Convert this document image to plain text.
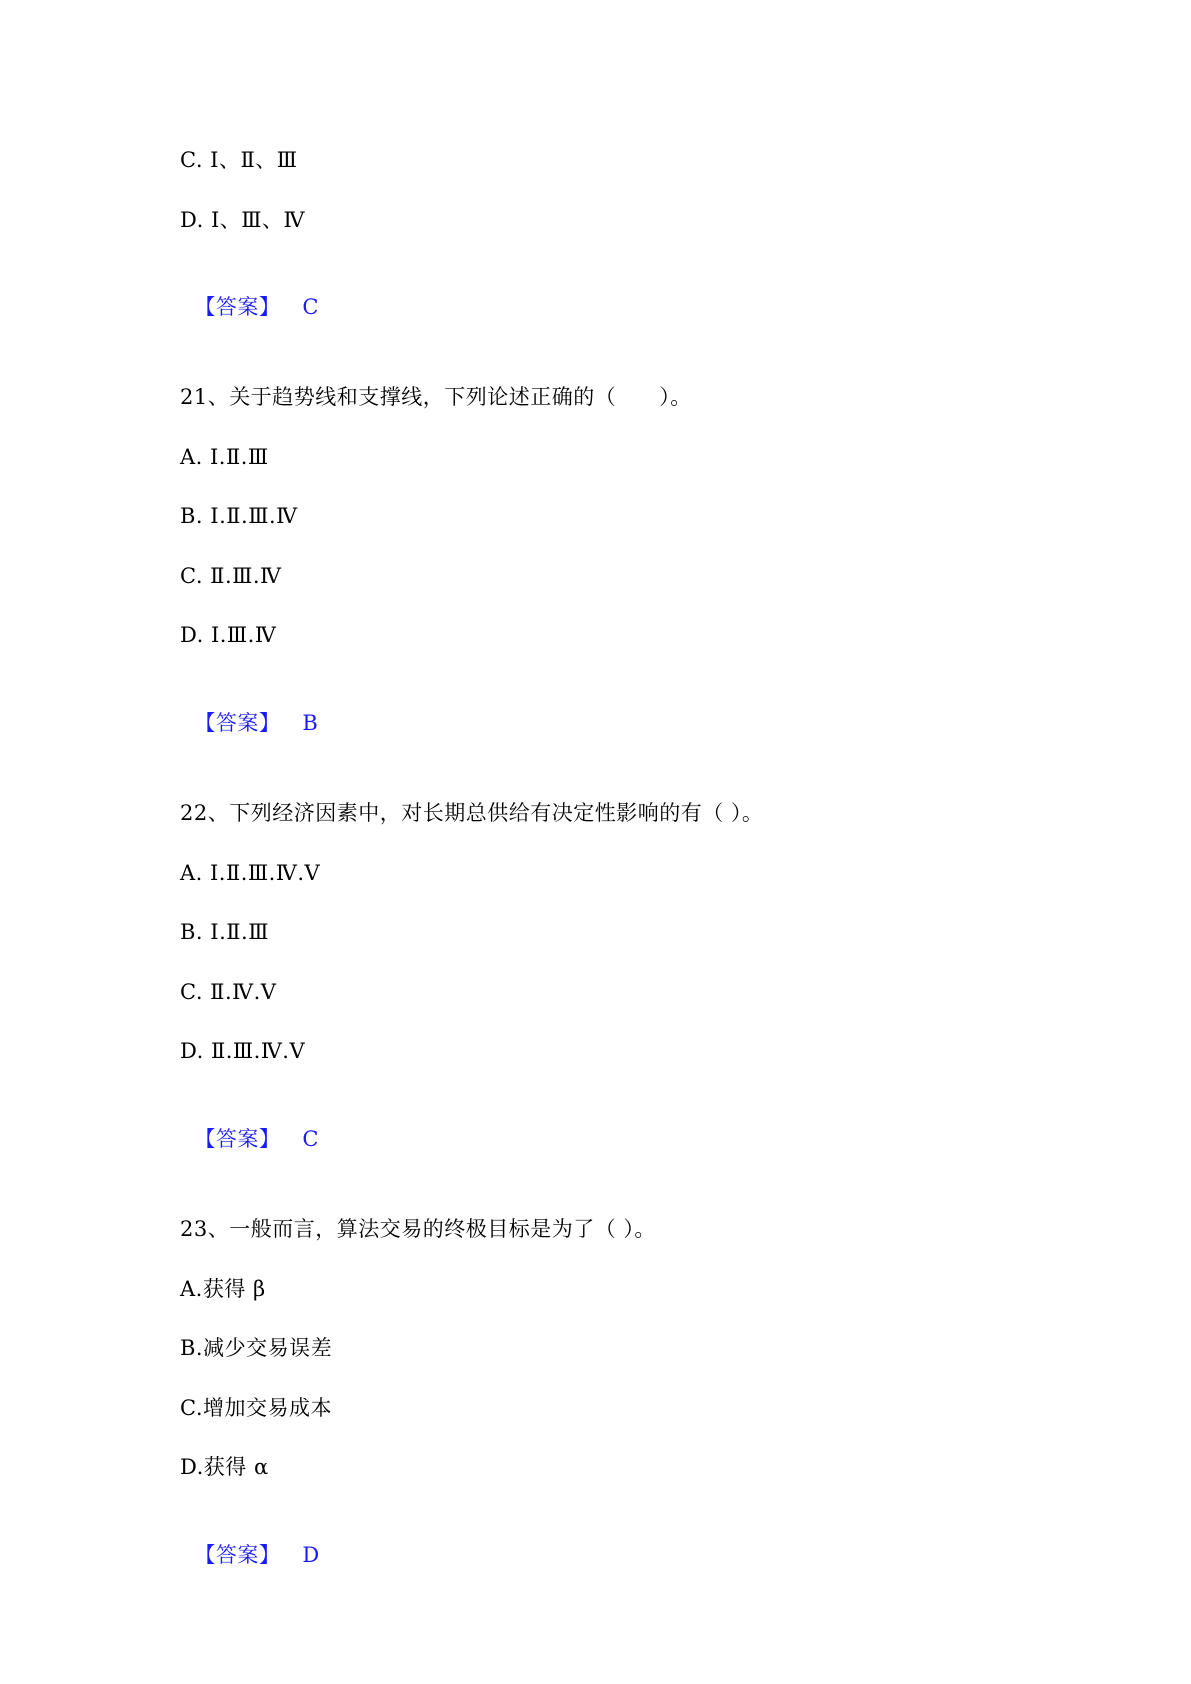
C. Ⅰ、Ⅱ、Ⅲ
D. Ⅰ、Ⅲ、Ⅳ

【答案】 C

21、关于趋势线和支撑线，下列论述正确的（　　）。
A. Ⅰ.Ⅱ.Ⅲ
B. Ⅰ.Ⅱ.Ⅲ.Ⅳ
C. Ⅱ.Ⅲ.Ⅳ
D. Ⅰ.Ⅲ.Ⅳ

【答案】 B

22、下列经济因素中，对长期总供给有决定性影响的有（ ）。
A. Ⅰ.Ⅱ.Ⅲ.Ⅳ.Ⅴ
B. Ⅰ.Ⅱ.Ⅲ
C. Ⅱ.Ⅳ.Ⅴ
D. Ⅱ.Ⅲ.Ⅳ.Ⅴ

【答案】 C

23、一般而言，算法交易的终极目标是为了（ ）。
A.获得 β
B.减少交易误差
C.增加交易成本
D.获得 α

【答案】 D
